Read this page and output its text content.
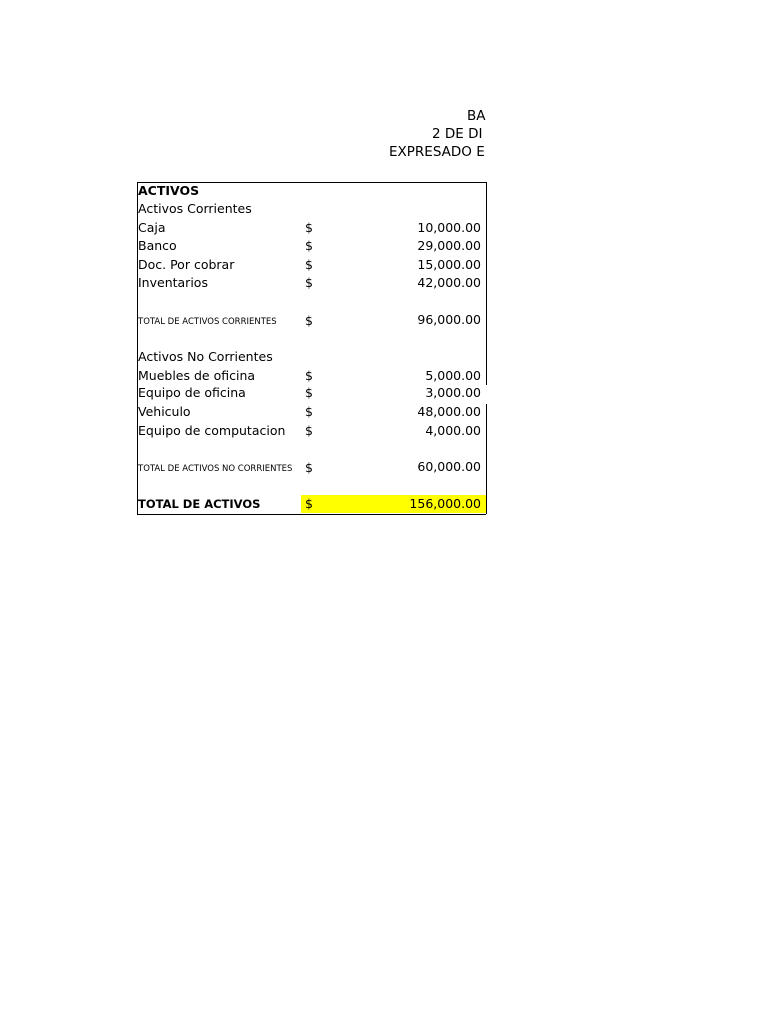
BA
2 DE DI
EXPRESADO E
ACTIVOS
Activos Corrientes
Caja	$	10,000.00
Banco	$	29,000.00
Doc. Por cobrar	$	15,000.00
Inventarios	$	42,000.00
TOTAL DE ACTIVOS CORRIENTES $	96,000.00
Activos No Corrientes
Muebles de oficina	$	5,000.00
Equipo de oficina	$	3,000.00
Vehiculo	$	48,000.00
Equipo de computacion $	4,000.00
TOTAL DE ACTIVOS NO CORRIENTES $	60,000.00
TOTAL DE ACTIVOS	$	156,000.00
